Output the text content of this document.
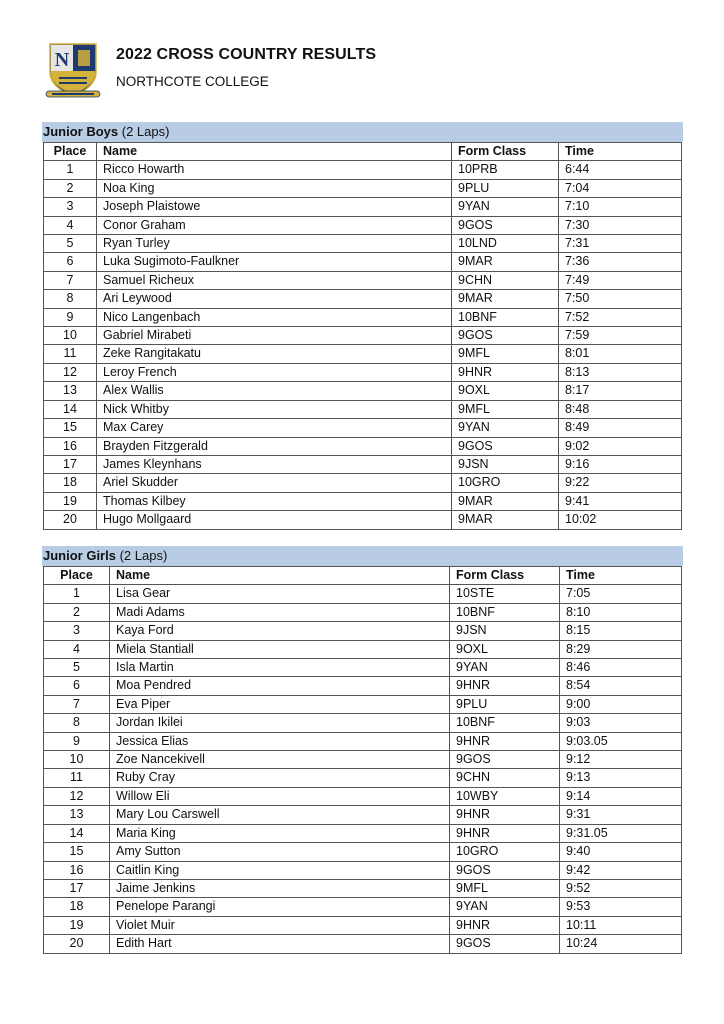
N	2022 CROSS COUNTRY RESULTS
NORTHCOTE COLLEGE
Junior Boys (2 Laps)
Place	Name	Form Class	Time
1	Ricco Howarth	10PRB	6:44
2	Noa King	9PLU	7:04
3	Joseph Plaistowe	9YAN	7:10
4	Conor Graham	9GOS	7:30
5	Ryan Turley	10LND	7:31
6	Luka Sugimoto-Faulkner	9MAR	7:36
7	Samuel Richeux	9CHN	7:49
8	Ari Leywood	9MAR	7:50
9	Nico Langenbach	10BNF	7:52
10	Gabriel Mirabeti	9GOS	7:59
11	Zeke Rangitakatu	9MFL	8:01
12	Leroy French	9HNR	8:13
13	Alex Wallis	9OXL	8:17
14	Nick Whitby	9MFL	8:48
15	Max Carey	9YAN	8:49
16	Brayden Fitzgerald	9GOS	9:02
17	James Kleynhans	9JSN	9:16
18	Ariel Skudder	10GRO	9:22
19	Thomas Kilbey	9MAR	9:41
20	Hugo Mollgaard	9MAR	10:02
Junior Girls (2 Laps)
Place	Name	Form Class	Time
1	Lisa Gear	10STE	7:05
2	Madi Adams	10BNF	8:10
3	Kaya Ford	9JSN	8:15
4	Miela Stantiall	9OXL	8:29
5	Isla Martin	9YAN	8:46
6	Moa Pendred	9HNR	8:54
7	Eva Piper	9PLU	9:00
8	Jordan Ikilei	10BNF	9:03
9	Jessica Elias	9HNR	9:03.05
10	Zoe Nancekivell	9GOS	9:12
11	Ruby Cray	9CHN	9:13
12	Willow Eli	10WBY	9:14
13	Mary Lou Carswell	9HNR	9:31
14	Maria King	9HNR	9:31.05
15	Amy Sutton	10GRO	9:40
16	Caitlin King	9GOS	9:42
17	Jaime Jenkins	9MFL	9:52
18	Penelope Parangi	9YAN	9:53
19	Violet Muir	9HNR	10:11
20	Edith Hart	9GOS	10:24
